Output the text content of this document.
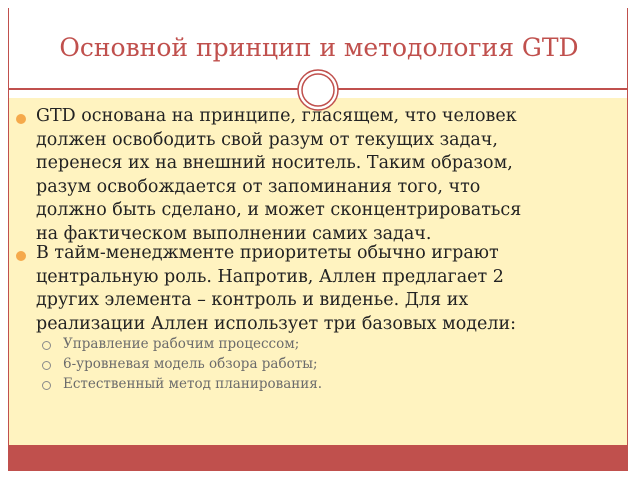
Основной принцип и методология GTD
GTD основана на принципе, гласящем, что человек
должен освободить свой разум от текущих задач,
перенеся их на внешний носитель. Таким образом,
разум освобождается от запоминания того, что
должно быть сделано, и может сконцентрироваться
на фактическом выполнении самих задач.
В тайм-менеджменте приоритеты обычно играют
центральную роль. Напротив, Аллен предлагает 2
других элемента – контроль и виденье. Для их
реализации Аллен использует три базовых модели:
Управление рабочим процессом;
6-уровневая модель обзора работы;
Естественный метод планирования.
